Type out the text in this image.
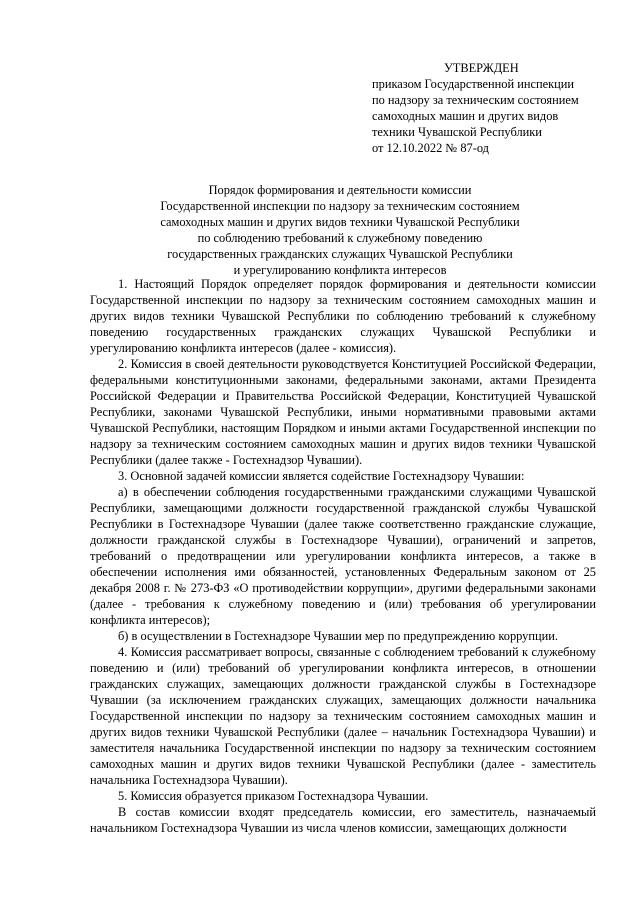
УТВЕРЖДЕН
приказом Государственной инспекции
по надзору за техническим состоянием
самоходных машин и других видов
техники Чувашской Республики
от 12.10.2022 № 87-од
Порядок формирования и деятельности комиссии
Государственной инспекции по надзору за техническим состоянием
самоходных машин и других видов техники Чувашской Республики
по соблюдению требований к служебному поведению
государственных гражданских служащих Чувашской Республики
и урегулированию конфликта интересов

1. Настоящий Порядок определяет порядок формирования и деятельности комиссии Государственной инспекции по надзору за техническим состоянием самоходных машин и других видов техники Чувашской Республики по соблюдению требований к служебному поведению государственных гражданских служащих Чувашской Республики и урегулированию конфликта интересов (далее - комиссия).

2. Комиссия в своей деятельности руководствуется Конституцией Российской Федерации, федеральными конституционными законами, федеральными законами, актами Президента Российской Федерации и Правительства Российской Федерации, Конституцией Чувашской Республики, законами Чувашской Республики, иными нормативными правовыми актами Чувашской Республики, настоящим Порядком и иными актами Государственной инспекции по надзору за техническим состоянием самоходных машин и других видов техники Чувашской Республики (далее также - Гостехнадзор Чувашии).

3. Основной задачей комиссии является содействие Гостехнадзору Чувашии:

а) в обеспечении соблюдения государственными гражданскими служащими Чувашской Республики, замещающими должности государственной гражданской службы Чувашской Республики в Гостехнадзоре Чувашии (далее также соответственно гражданские служащие, должности гражданской службы в Гостехнадзоре Чувашии), ограничений и запретов, требований о предотвращении или урегулировании конфликта интересов, а также в обеспечении исполнения ими обязанностей, установленных Федеральным законом от 25 декабря 2008 г. № 273-ФЗ «О противодействии коррупции», другими федеральными законами (далее - требования к служебному поведению и (или) требования об урегулировании конфликта интересов);

б) в осуществлении в Гостехнадзоре Чувашии мер по предупреждению коррупции.

4. Комиссия рассматривает вопросы, связанные с соблюдением требований к служебному поведению и (или) требований об урегулировании конфликта интересов, в отношении гражданских служащих, замещающих должности гражданской службы в Гостехнадзоре Чувашии (за исключением гражданских служащих, замещающих должности начальника Государственной инспекции по надзору за техническим состоянием самоходных машин и других видов техники Чувашской Республики (далее – начальник Гостехнадзора Чувашии) и заместителя начальника Государственной инспекции по надзору за техническим состоянием самоходных машин и других видов техники Чувашской Республики (далее - заместитель начальника Гостехнадзора Чувашии).

5. Комиссия образуется приказом Гостехнадзора Чувашии.

В состав комиссии входят председатель комиссии, его заместитель, назначаемый начальником Гостехнадзора Чувашии из числа членов комиссии, замещающих должности
